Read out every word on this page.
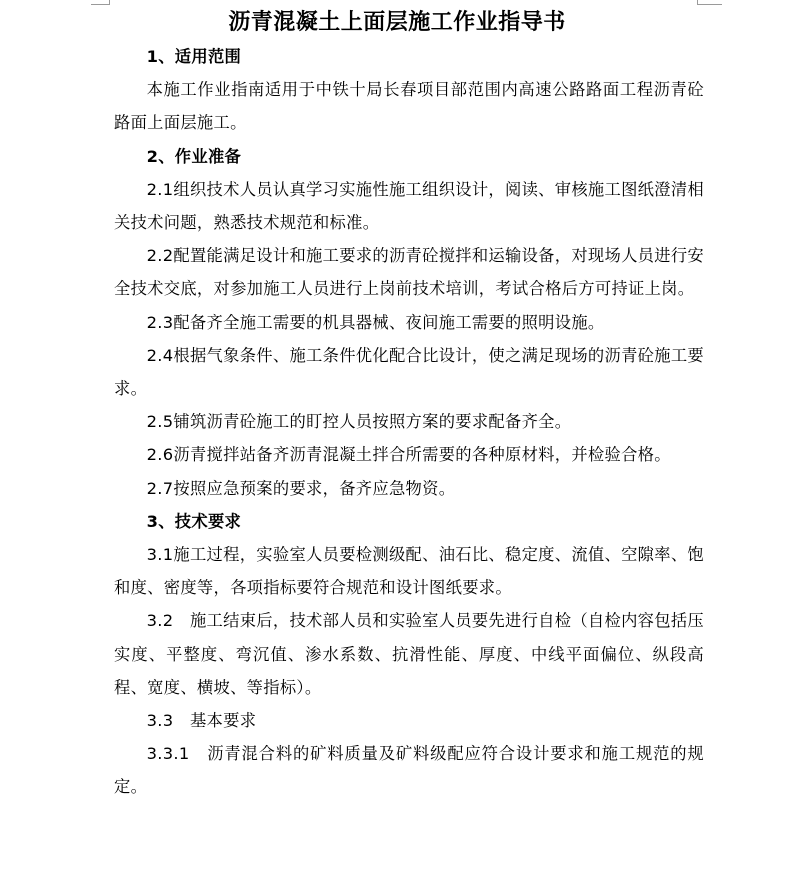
沥青混凝土上面层施工作业指导书

1、适用范围

本施工作业指南适用于中铁十局长春项目部范围内高速公路路面工程沥青砼路面上面层施工。

2、作业准备

2.1组织技术人员认真学习实施性施工组织设计，阅读、审核施工图纸澄清相关技术问题，熟悉技术规范和标准。

2.2配置能满足设计和施工要求的沥青砼搅拌和运输设备，对现场人员进行安全技术交底，对参加施工人员进行上岗前技术培训，考试合格后方可持证上岗。

2.3配备齐全施工需要的机具器械、夜间施工需要的照明设施。

2.4根据气象条件、施工条件优化配合比设计，使之满足现场的沥青砼施工要求。

2.5铺筑沥青砼施工的盯控人员按照方案的要求配备齐全。

2.6沥青搅拌站备齐沥青混凝土拌合所需要的各种原材料，并检验合格。

2.7按照应急预案的要求，备齐应急物资。

3、技术要求

3.1施工过程，实验室人员要检测级配、油石比、稳定度、流值、空隙率、饱和度、密度等，各项指标要符合规范和设计图纸要求。

3.2　施工结束后，技术部人员和实验室人员要先进行自检（自检内容包括压实度、平整度、弯沉值、渗水系数、抗滑性能、厚度、中线平面偏位、纵段高程、宽度、横坡、等指标）。

3.3　基本要求

3.3.1　沥青混合料的矿料质量及矿料级配应符合设计要求和施工规范的规定。
